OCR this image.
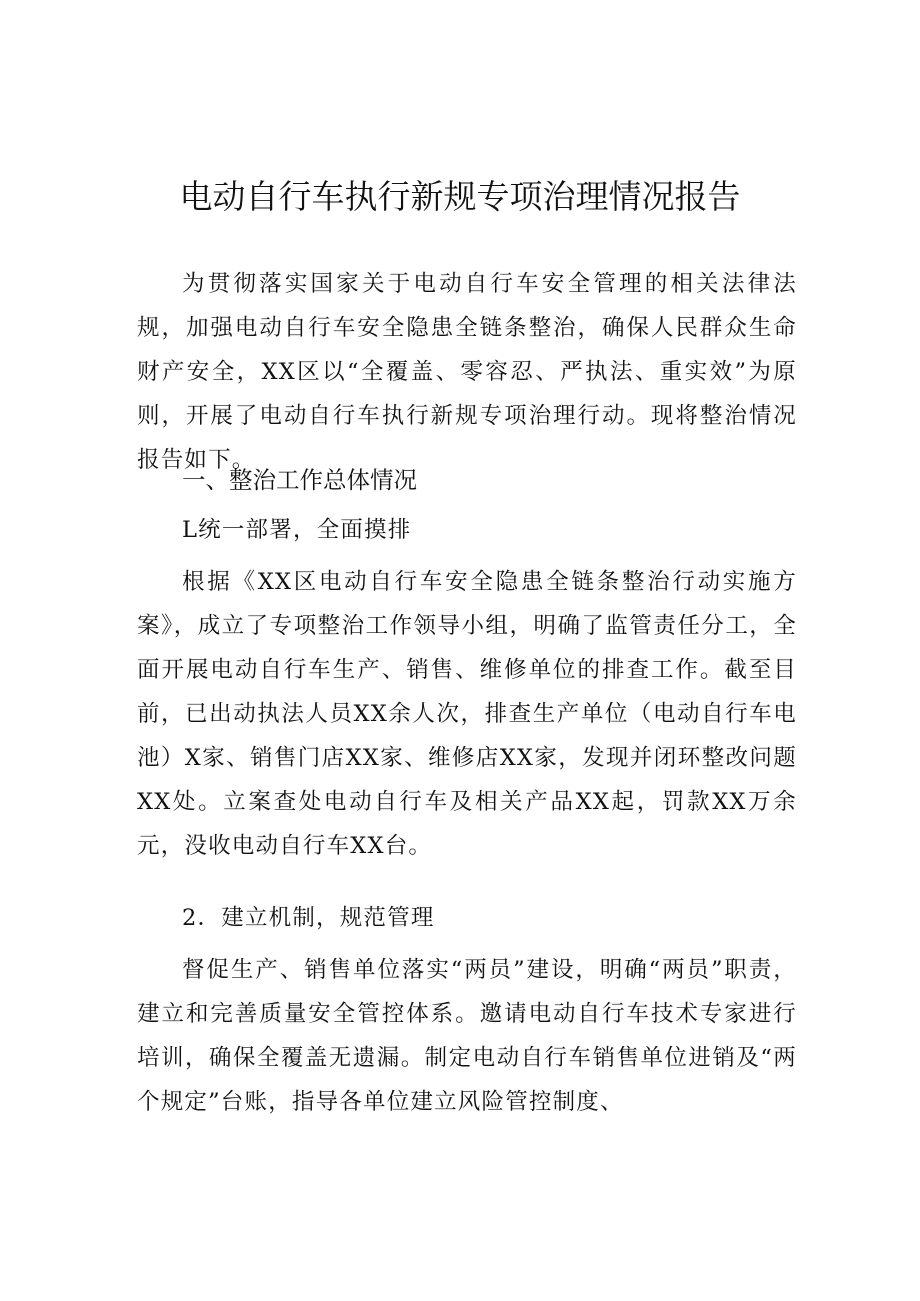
电动自行车执行新规专项治理情况报告

为贯彻落实国家关于电动自行车安全管理的相关法律法规，加强电动自行车安全隐患全链条整治，确保人民群众生命财产安全，XX区以“全覆盖、零容忍、严执法、重实效”为原则，开展了电动自行车执行新规专项治理行动。现将整治情况报告如下。

一、整治工作总体情况

L统一部署，全面摸排

根据《XX区电动自行车安全隐患全链条整治行动实施方案》，成立了专项整治工作领导小组，明确了监管责任分工，全面开展电动自行车生产、销售、维修单位的排查工作。截至目前，已出动执法人员XX余人次，排查生产单位（电动自行车电池）X家、销售门店XX家、维修店XX家，发现并闭环整改问题XX处。立案查处电动自行车及相关产品XX起，罚款XX万余元，没收电动自行车XX台。

2．建立机制，规范管理

督促生产、销售单位落实“两员”建设，明确“两员”职责，建立和完善质量安全管控体系。邀请电动自行车技术专家进行培训，确保全覆盖无遗漏。制定电动自行车销售单位进销及“两个规定”台账，指导各单位建立风险管控制度、
